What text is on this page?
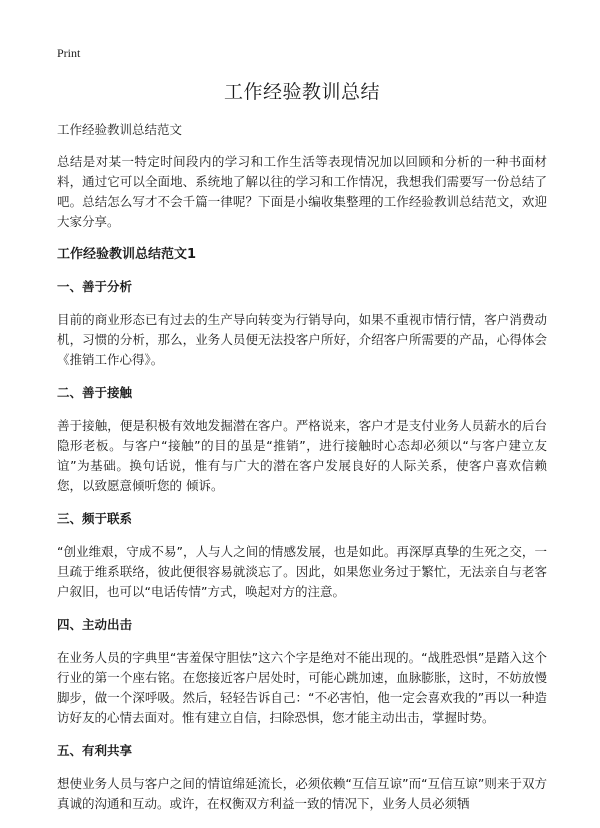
Print
工作经验教训总结
工作经验教训总结范文

总结是对某一特定时间段内的学习和工作生活等表现情况加以回顾和分析的一种书面材料，通过它可以全面地、系统地了解以往的学习和工作情况，我想我们需要写一份总结了吧。总结怎么写才不会千篇一律呢？下面是小编收集整理的工作经验教训总结范文，欢迎大家分享。

工作经验教训总结范文1
一、善于分析

目前的商业形态已有过去的生产导向转变为行销导向，如果不重视市情行情，客户消费动机，习惯的分析，那么，业务人员便无法投客户所好，介绍客户所需要的产品，心得体会《推销工作心得》。

二、善于接触

善于接触，便是积极有效地发掘潜在客户。严格说来，客户才是支付业务人员薪水的后台隐形老板。与客户“接触”的目的虽是“推销”，进行接触时心态却必须以“与客户建立友谊”为基础。换句话说，惟有与广大的潜在客户发展良好的人际关系，使客户喜欢信赖您，以致愿意倾听您的 倾诉。

三、频于联系

“创业维艰，守成不易”，人与人之间的情感发展，也是如此。再深厚真挚的生死之交，一旦疏于维系联络，彼此便很容易就淡忘了。因此，如果您业务过于繁忙，无法亲自与老客户叙旧，也可以“电话传情”方式，唤起对方的注意。

四、主动出击

在业务人员的字典里“害羞保守胆怯”这六个字是绝对不能出现的。“战胜恐惧”是踏入这个行业的第一个座右铭。在您接近客户居处时，可能心跳加速，血脉膨胀，这时，不妨放慢脚步，做一个深呼吸。然后，轻轻告诉自己：“不必害怕，他一定会喜欢我的”再以一种造访好友的心情去面对。惟有建立自信，扫除恐惧，您才能主动出击，掌握时势。

五、有利共享

想使业务人员与客户之间的情谊绵延流长，必须依赖“互信互谅”而“互信互谅”则来于双方真诚的沟通和互动。或许，在权衡双方利益一致的情况下，业务人员必须牺
